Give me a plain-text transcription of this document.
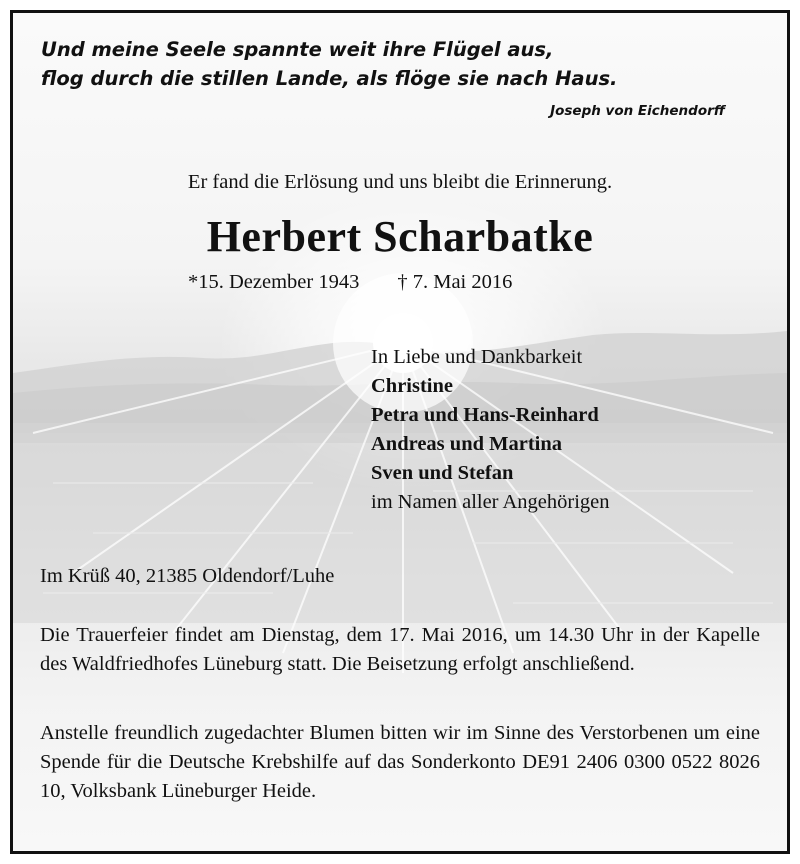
Und meine Seele spannte weit ihre Flügel aus,
flog durch die stillen Lande, als flöge sie nach Haus.
Joseph von Eichendorff
Er fand die Erlösung und uns bleibt die Erinnerung.
Herbert Scharbatke
*15. Dezember 1943 † 7. Mai 2016
In Liebe und Dankbarkeit
Christine
Petra und Hans-Reinhard
Andreas und Martina
Sven und Stefan
im Namen aller Angehörigen
Im Krüß 40, 21385 Oldendorf/Luhe
Die Trauerfeier findet am Dienstag, dem 17. Mai 2016, um 14.30 Uhr in der Kapelle des Waldfriedhofes Lüneburg statt. Die Beisetzung erfolgt anschließend.
Anstelle freundlich zugedachter Blumen bitten wir im Sinne des Verstorbenen um eine Spende für die Deutsche Krebshilfe auf das Sonderkonto DE91 2406 0300 0522 8026 10, Volksbank Lüneburger Heide.
